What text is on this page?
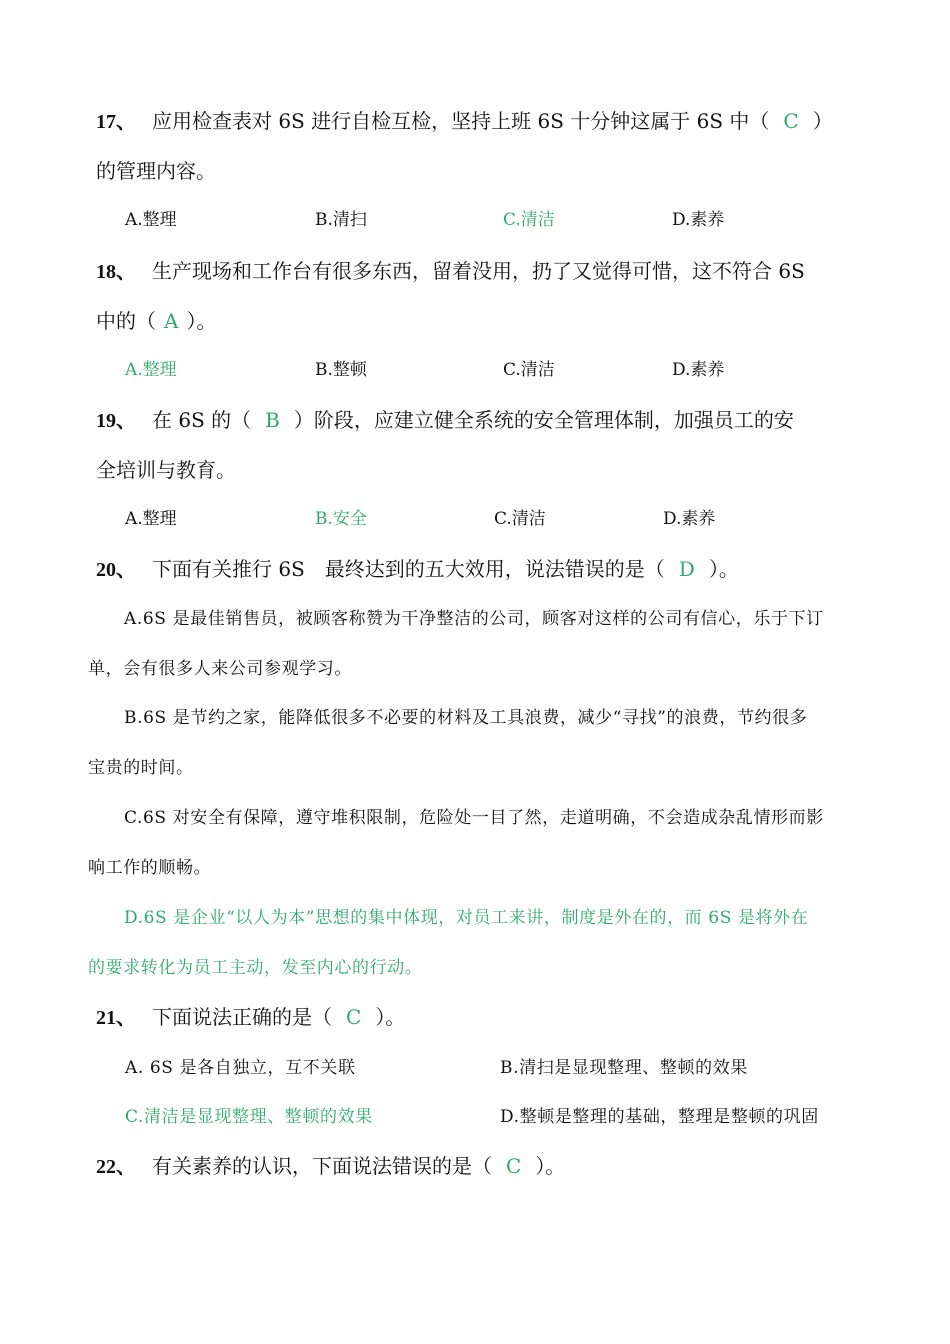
17、 应用检查表对 6S 进行自检互检，坚持上班 6S 十分钟这属于 6S 中（ C ）
的管理内容。
A.整理	B.清扫	C.清洁	D.素养
18、 生产现场和工作台有很多东西，留着没用，扔了又觉得可惜，这不符合 6S
中的（ A ）。
A.整理	B.整顿	C.清洁	D.素养
19、 在 6S 的（ B ）阶段，应建立健全系统的安全管理体制，加强员工的安
全培训与教育。
A.整理	B.安全	C.清洁	D.素养
20、 下面有关推行 6S　最终达到的五大效用，说法错误的是（ D ）。
A.6S 是最佳销售员，被顾客称赞为干净整洁的公司，顾客对这样的公司有信心，乐于下订
单，会有很多人来公司参观学习。
B.6S 是节约之家，能降低很多不必要的材料及工具浪费，减少“寻找”的浪费，节约很多
宝贵的时间。
C.6S 对安全有保障，遵守堆积限制，危险处一目了然，走道明确，不会造成杂乱情形而影
响工作的顺畅。
D.6S 是企业“以人为本”思想的集中体现，对员工来讲，制度是外在的，而 6S 是将外在
的要求转化为员工主动，发至内心的行动。
21、 下面说法正确的是（ C ）。
A. 6S 是各自独立，互不关联	B.清扫是显现整理、整顿的效果
C.清洁是显现整理、整顿的效果	D.整顿是整理的基础，整理是整顿的巩固
22、 有关素养的认识，下面说法错误的是（ C ）。
